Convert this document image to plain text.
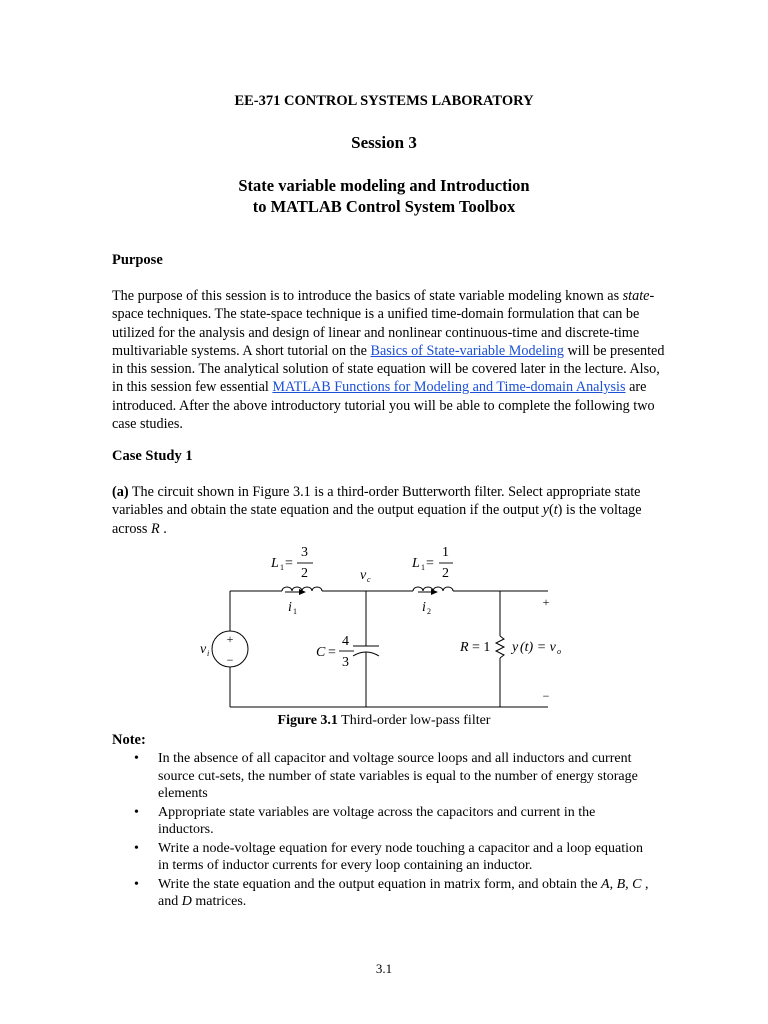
EE-371 CONTROL SYSTEMS LABORATORY
Session 3
State variable modeling and Introduction
to MATLAB Control System Toolbox
Purpose

The purpose of this session is to introduce the basics of state variable modeling known as state-space techniques. The state-space technique is a unified time-domain formulation that can be utilized for the analysis and design of linear and nonlinear continuous-time and discrete-time multivariable systems. A short tutorial on the Basics of State-variable Modeling will be presented in this session. The analytical solution of state equation will be covered later in the lecture. Also, in this session few essential MATLAB Functions for Modeling and Time-domain Analysis are introduced. After the above introductory tutorial you will be able to complete the following two case studies.

Case Study 1

(a) The circuit shown in Figure 3.1 is a third-order Butterworth filter. Select appropriate state variables and obtain the state equation and the output equation if the output y(t) is the voltage across R .

L 1 =
3
2
L 1 =
1
2
v c
i 1	i 2
v i
+
−	C =
4
3
R = 1 y (t) = v o
+
−
Figure 3.1 Third-order low-pass filter
Note:
• In the absence of all capacitor and voltage source loops and all inductors and current source cut-sets, the number of state variables is equal to the number of energy storage elements
• Appropriate state variables are voltage across the capacitors and current in the inductors.
• Write a node-voltage equation for every node touching a capacitor and a loop equation in terms of inductor currents for every loop containing an inductor.
• Write the state equation and the output equation in matrix form, and obtain the A, B, C , and D matrices.
3.1
